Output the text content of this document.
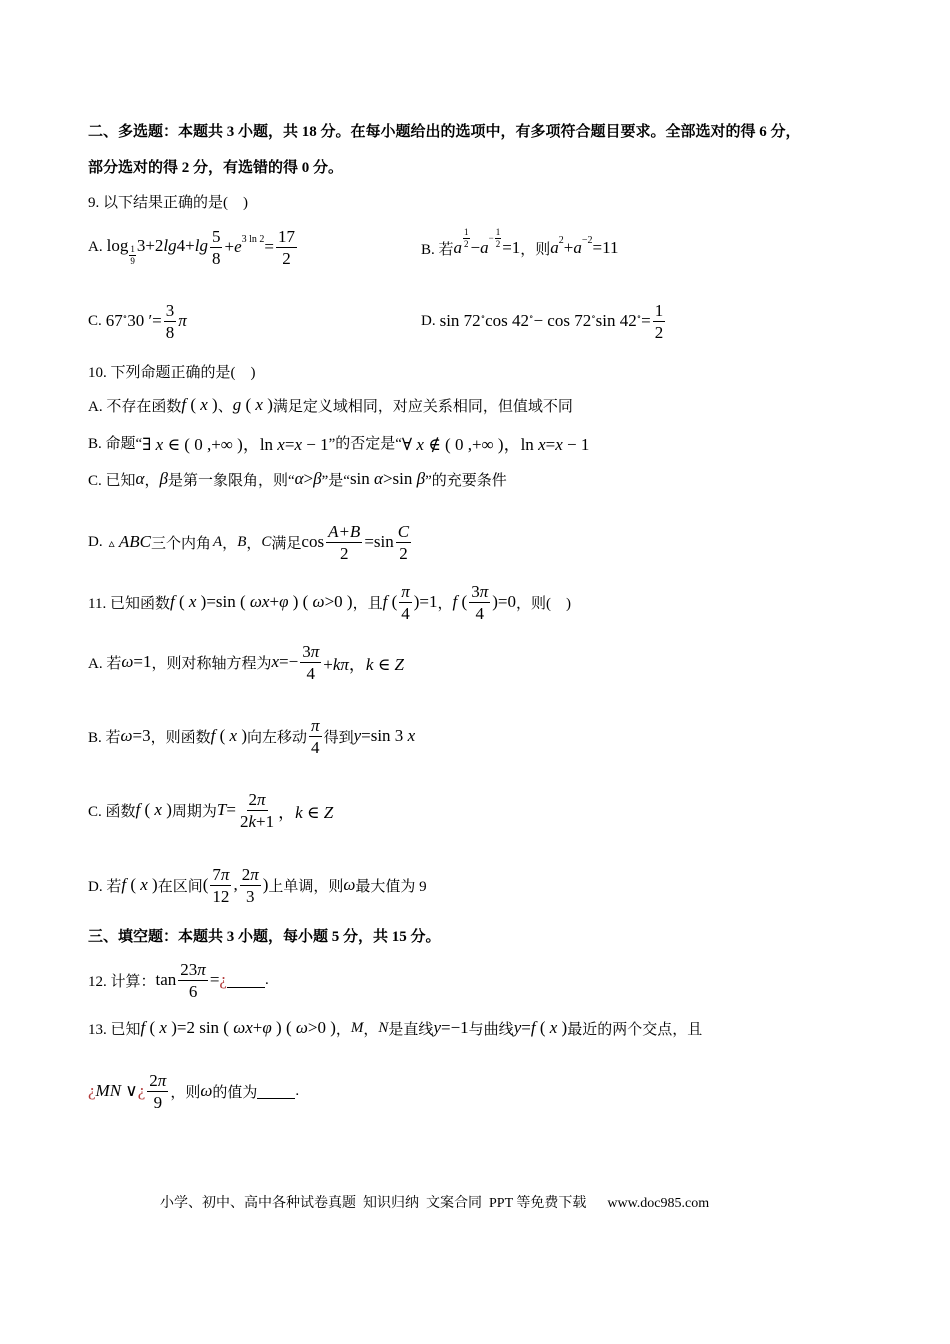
二、多选题：本题共 3 小题，共 18 分。在每小题给出的选项中，有多项符合题目要求。全部选对的得 6 分，
部分选对的得 2 分，有选错的得 0 分。
9. 以下结果正确的是(　)
A. $\log \frac{1}{9} 3+2\lg 4+\lg \frac{5}{8} +e^{3 ln 2}= \frac{17}{2}$	B. 若 a
1
$2 -a - \frac{1}{2} =1$ ，则 $a^2+a^{-2}=11$
C. 67∘30 ′= $\frac{3}{8}$ π	D. sin 72∘cos 42∘− cos 72∘sin $42^\circ= \frac{1}{2}$
10. 下列命题正确的是(　)
A. 不存在函数 f ( x ) 、 g ( x ) 满足定义域相同，对应关系相同，但值域不同
B. 命题“ ∃ x ∈ ( 0 ,+∞ )，ln x=x − 1 ”的否定是“ ∀ x ∉ ( 0 ,+∞ )，ln x=x − 1
C. 已知 α ， β 是第一象限角，则“ α>β ”是“ sin α>sin β ”的充要条件
D. ▵ ABC 三个内角 A ， B ， C 满足 $\cos \frac{A+B}{2} =\sin \frac{C}{2}$
11. 已知函数 f ( x )=sin ( ωx+φ ) ( ω>0 ) ，且 f ( $\frac{\pi}{4} )=1$ ， f ( $\frac{3\pi}{4} )=0$ ，则(　)
A. 若 ω=1 ，则对称轴方程为 $x=- \frac{3\pi}{4} +k\pi$，k ∈ Z
B. 若 ω=3 ，则函数 f ( x ) 向左移动 $\frac{\pi}{4}$ 得到 y=sin 3 x
C. 函数 f ( x ) 周期为 $T = \frac{2\pi}{2k+1}$ ，k ∈ Z
D. 若 f ( x ) 在区间 ( $\frac{7\pi}{12}$ , $\frac{2\pi}{3}$ ) 上单调，则 ω 最大值为 9
三、填空题：本题共 3 小题，每小题 5 分，共 15 分。
12. 计算： $\tan \frac{23\pi}{6}$ =¿	.
13. 已知 f ( x )=2 sin ( ωx+φ ) ( ω>0 ) ， M ， N 是直线 y=−1 与曲线 y=f ( x ) 最近的两个交点，且
¿MN ∨¿ $\frac{2\pi}{9}$ ，则 ω 的值为	.
小学、初中、高中各种试卷真题  知识归纳  文案合同  PPT 等免费下载      www.doc985.com
